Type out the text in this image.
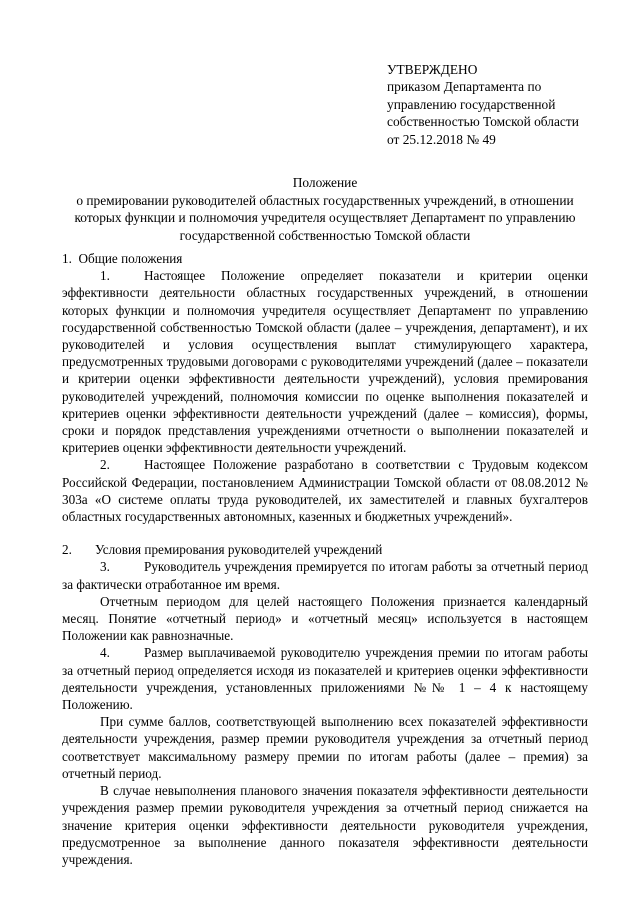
УТВЕРЖДЕНО
приказом Департамента по
управлению государственной
собственностью Томской области
от 25.12.2018 № 49
Положение
о премировании руководителей областных государственных учреждений, в отношении которых функции и полномочия учредителя осуществляет Департамент по управлению государственной собственностью Томской области

1.  Общие положения

1.	Настоящее Положение определяет показатели и критерии оценки эффективности деятельности областных государственных учреждений, в отношении которых функции и полномочия учредителя осуществляет Департамент по управлению государственной собственностью Томской области (далее – учреждения, департамент), и их руководителей и условия осуществления выплат стимулирующего характера, предусмотренных трудовыми договорами с руководителями учреждений (далее – показатели и критерии оценки эффективности деятельности учреждений), условия премирования руководителей учреждений, полномочия комиссии по оценке выполнения показателей и критериев оценки эффективности деятельности учреждений (далее – комиссия), формы, сроки и порядок представления учреждениями отчетности о выполнении показателей и критериев оценки эффективности деятельности учреждений.

2.	Настоящее Положение разработано в соответствии с Трудовым кодексом Российской Федерации, постановлением Администрации Томской области от 08.08.2012 № 303а «О системе оплаты труда руководителей, их заместителей и главных бухгалтеров областных государственных автономных, казенных и бюджетных учреждений».

2.       Условия премирования руководителей учреждений

3.	Руководитель учреждения премируется по итогам работы за отчетный период за фактически отработанное им время.

Отчетным периодом для целей настоящего Положения признается календарный месяц. Понятие «отчетный период» и «отчетный месяц» используется в настоящем Положении как равнозначные.

4.	Размер выплачиваемой руководителю учреждения премии по итогам работы за отчетный период определяется исходя из показателей и критериев оценки эффективности деятельности учреждения, установленных приложениями №№ 1 – 4 к настоящему Положению.

При сумме баллов, соответствующей выполнению всех показателей эффективности деятельности учреждения, размер премии руководителя учреждения за отчетный период соответствует максимальному размеру премии по итогам работы (далее – премия) за отчетный период.

В случае невыполнения планового значения показателя эффективности деятельности учреждения размер премии руководителя учреждения за отчетный период снижается на значение критерия оценки эффективности деятельности руководителя учреждения, предусмотренное за выполнение данного показателя эффективности деятельности учреждения.
